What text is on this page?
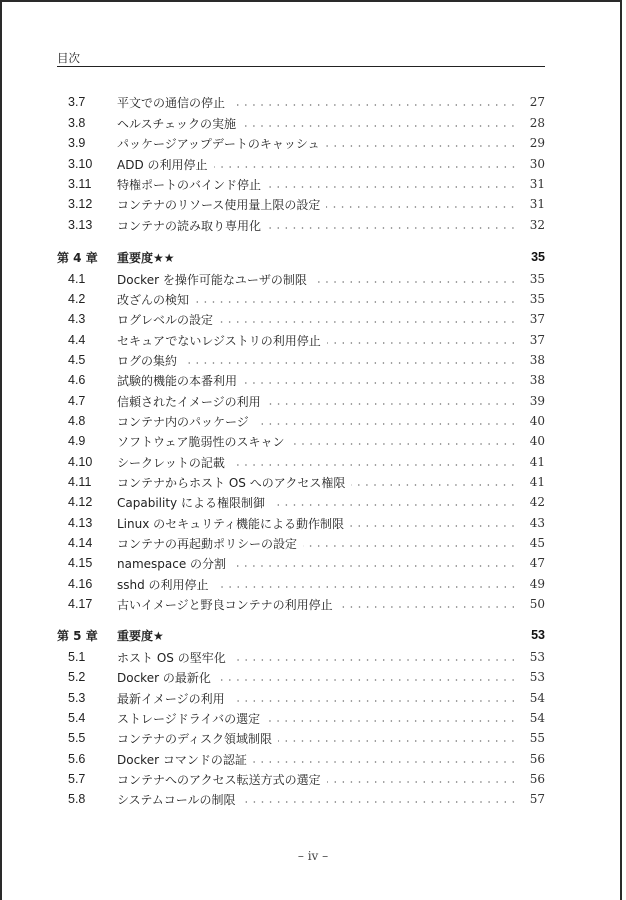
目次
3.7	平文での通信の停止	27
3.8	ヘルスチェックの実施	28
3.9	パッケージアップデートのキャッシュ	29
3.10	ADD の利用停止	30
3.11	特権ポートのバインド停止	31
3.12	コンテナのリソース使用量上限の設定	31
3.13	コンテナの読み取り専用化	32
第 4 章	重要度★★	35
4.1	Docker を操作可能なユーザの制限	35
4.2	改ざんの検知	35
4.3	ログレベルの設定	37
4.4	セキュアでないレジストリの利用停止	37
4.5	ログの集約	38
4.6	試験的機能の本番利用	38
4.7	信頼されたイメージの利用	39
4.8	コンテナ内のパッケージ	40
4.9	ソフトウェア脆弱性のスキャン	40
4.10	シークレットの記載	41
4.11	コンテナからホスト OS へのアクセス権限	41
4.12	Capability による権限制御	42
4.13	Linux のセキュリティ機能による動作制限	43
4.14	コンテナの再起動ポリシーの設定	45
4.15	namespace の分割	47
4.16	sshd の利用停止	49
4.17	古いイメージと野良コンテナの利用停止	50
第 5 章	重要度★	53
5.1	ホスト OS の堅牢化	53
5.2	Docker の最新化	53
5.3	最新イメージの利用	54
5.4	ストレージドライバの選定	54
5.5	コンテナのディスク領域制限	55
5.6	Docker コマンドの認証	56
5.7	コンテナへのアクセス転送方式の選定	56
5.8	システムコールの制限	57
– iv –
